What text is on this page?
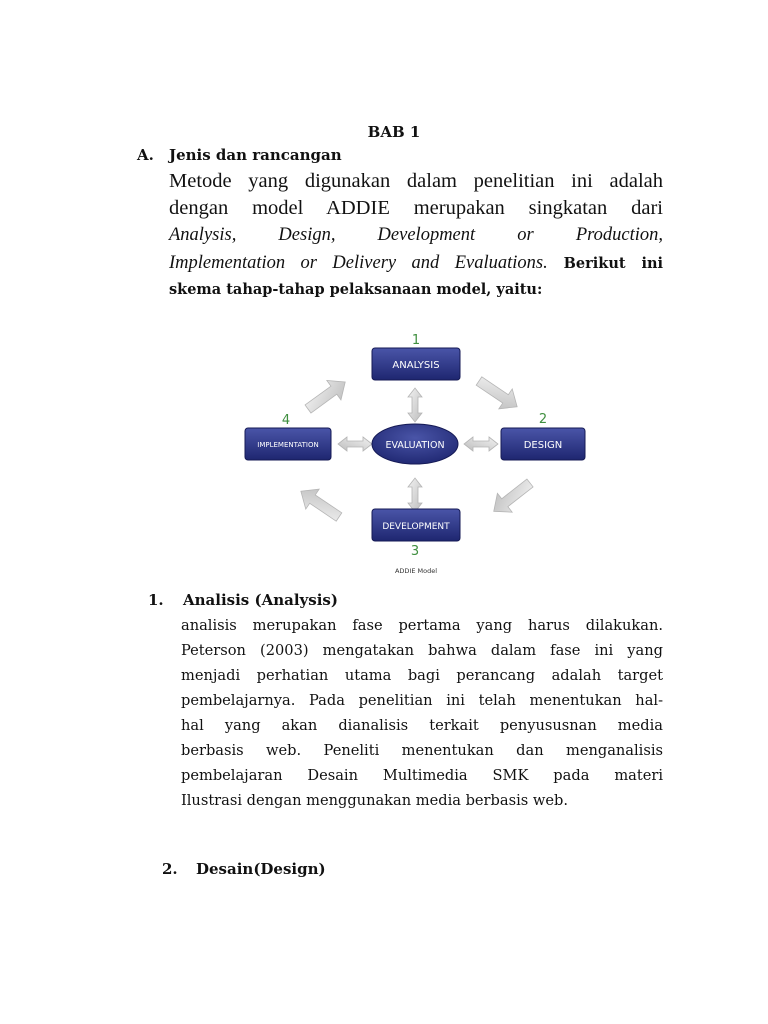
BAB 1
A. Jenis dan rancangan
Metode yang digunakan dalam penelitian ini adalah
dengan model ADDIE merupakan singkatan dari
Analysis, Design, Development or Production,
Implementation or Delivery and Evaluations. Berikut ini
skema tahap-tahap pelaksanaan model, yaitu:
ANALYSIS
DESIGN
DEVELOPMENT
IMPLEMENTATION	EVALUATION
1
2
3
4
ADDIE Model
1. Analisis (Analysis)
analisis merupakan fase pertama yang harus dilakukan.
Peterson (2003) mengatakan bahwa dalam fase ini yang
menjadi perhatian utama bagi perancang adalah target
pembelajarnya. Pada penelitian ini telah menentukan hal-
hal yang akan dianalisis terkait penyususnan media
berbasis web. Peneliti menentukan dan menganalisis
pembelajaran Desain Multimedia SMK pada materi
Ilustrasi dengan menggunakan media berbasis web.
2. Desain(Design)
